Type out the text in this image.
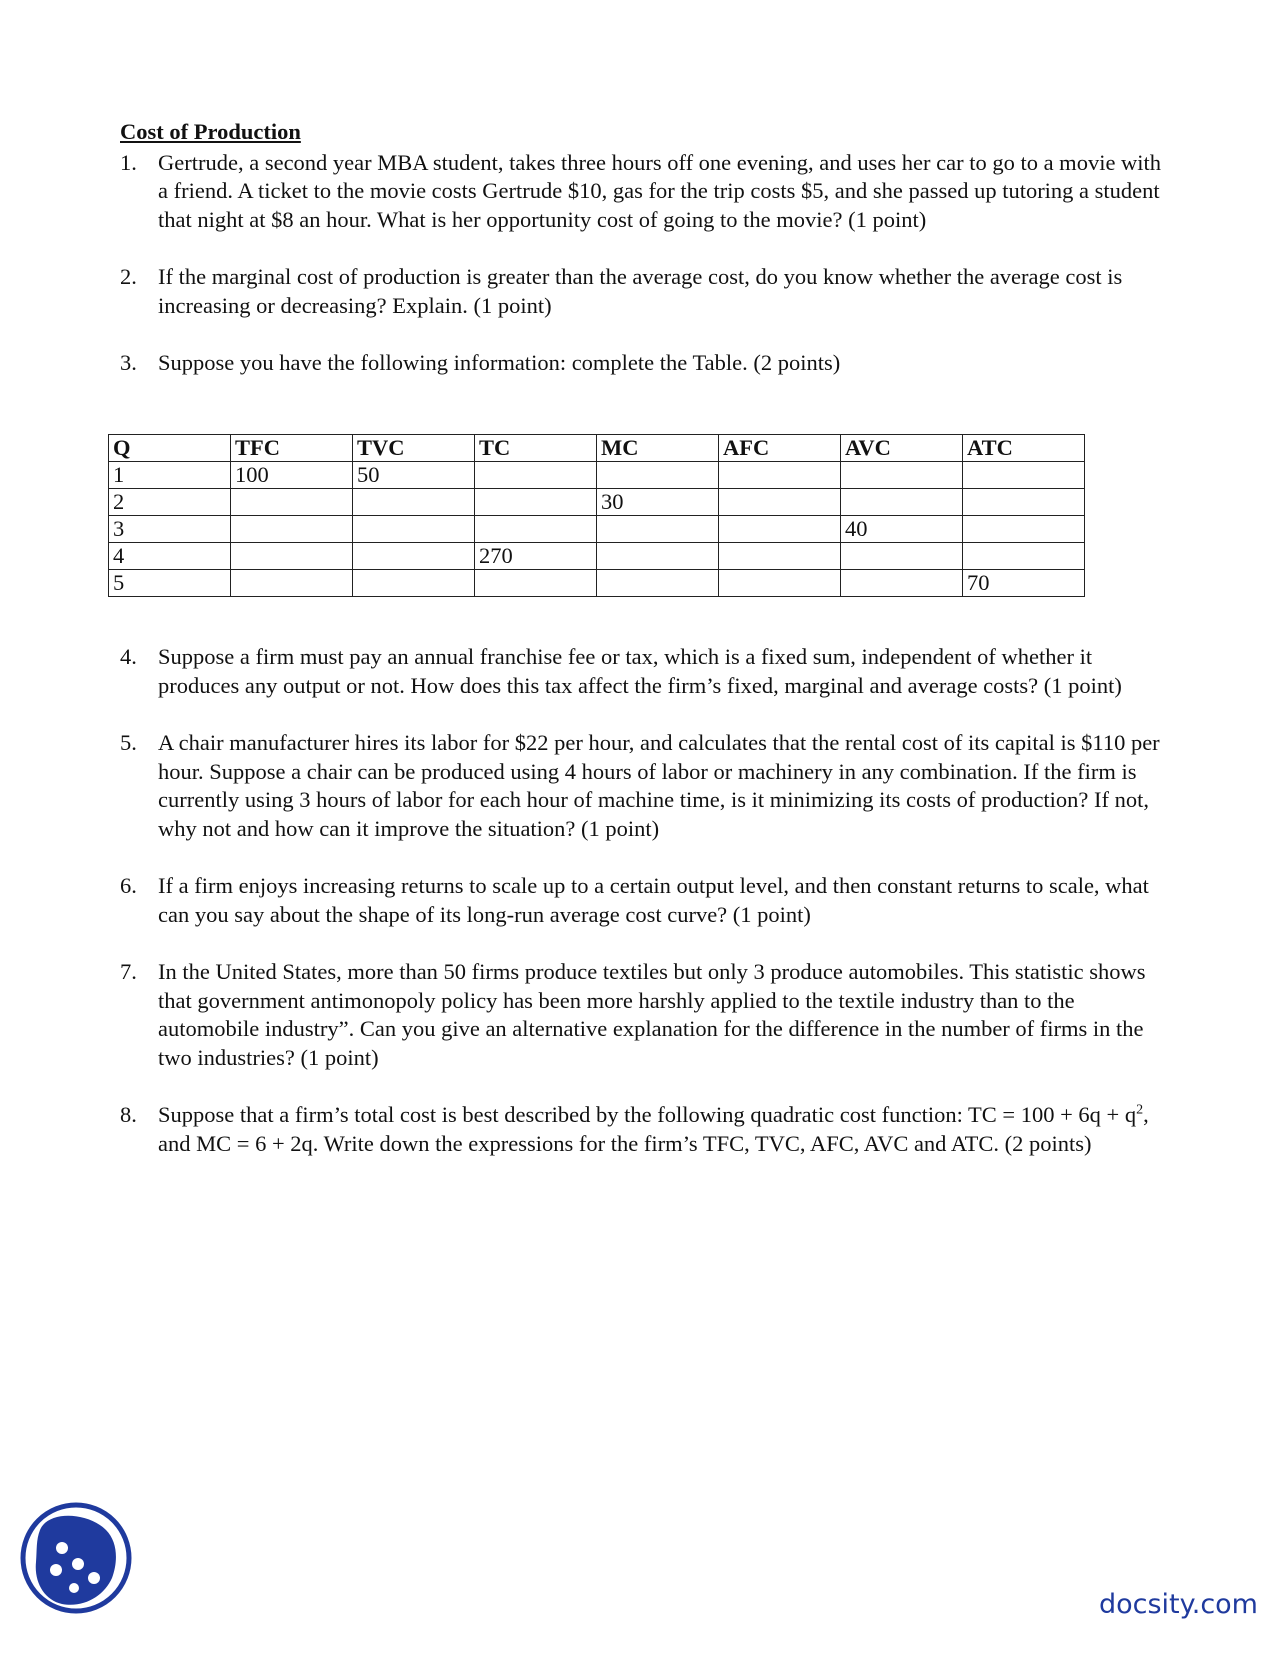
Cost of Production
1. Gertrude, a second year MBA student, takes three hours off one evening, and uses her car to go to a movie with a friend. A ticket to the movie costs Gertrude $10, gas for the trip costs $5, and she passed up tutoring a student that night at $8 an hour. What is her opportunity cost of going to the movie? (1 point)
2. If the marginal cost of production is greater than the average cost, do you know whether the average cost is increasing or decreasing? Explain. (1 point)
3. Suppose you have the following information: complete the Table. (2 points)
Q	TFC	TVC	TC	MC	AFC	AVC	ATC
1	100	50					
2				30			
3						40	
4			270				
5							70
4. Suppose a firm must pay an annual franchise fee or tax, which is a fixed sum, independent of whether it produces any output or not. How does this tax affect the firm’s fixed, marginal and average costs? (1 point)
5. A chair manufacturer hires its labor for $22 per hour, and calculates that the rental cost of its capital is $110 per hour. Suppose a chair can be produced using 4 hours of labor or machinery in any combination. If the firm is currently using 3 hours of labor for each hour of machine time, is it minimizing its costs of production? If not, why not and how can it improve the situation? (1 point)
6. If a firm enjoys increasing returns to scale up to a certain output level, and then constant returns to scale, what can you say about the shape of its long-run average cost curve? (1 point)
7. In the United States, more than 50 firms produce textiles but only 3 produce automobiles. This statistic shows that government antimonopoly policy has been more harshly applied to the textile industry than to the automobile industry”. Can you give an alternative explanation for the difference in the number of firms in the two industries? (1 point)
8. Suppose that a firm’s total cost is best described by the following quadratic cost function: TC = $100 + 6q + q^2$, and MC = 6 + 2q. Write down the expressions for the firm’s TFC, TVC, AFC, AVC and ATC. (2 points)
docsity.com
